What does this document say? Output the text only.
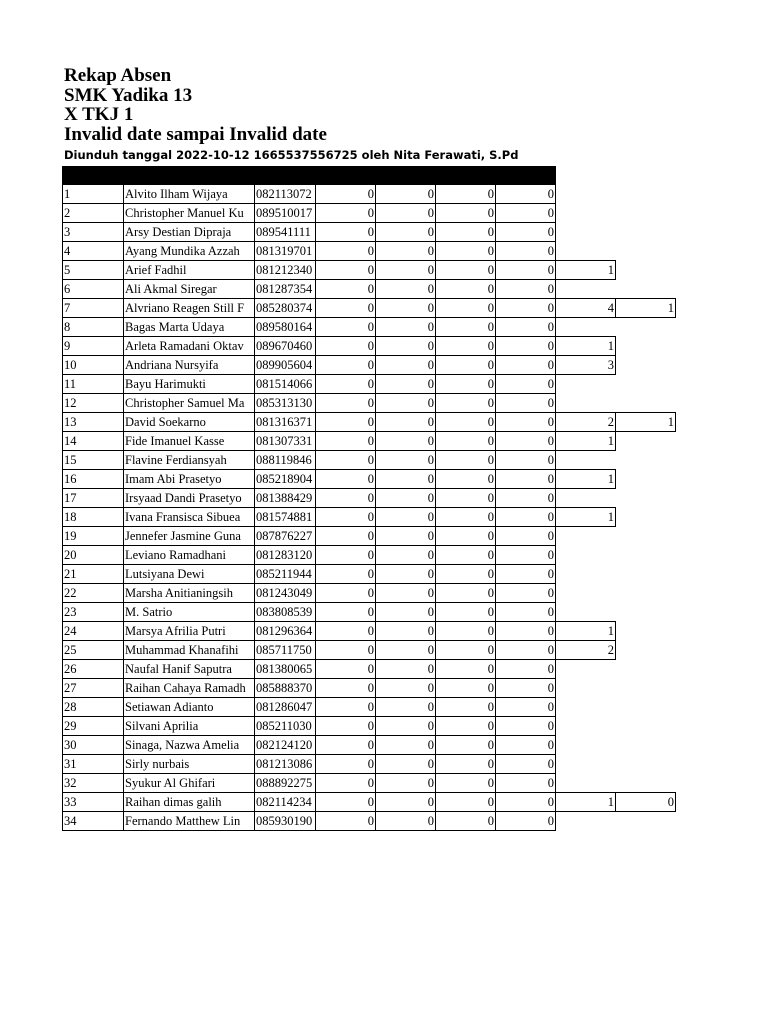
Rekap Absen
SMK Yadika 13
X TKJ 1
Invalid date sampai Invalid date
Diunduh tanggal 2022-10-12 1665537556725 oleh Nita Ferawati, S.Pd
1	Alvito Ilham Wijaya	082113072	0	0	0	0		
2	Christopher Manuel Ku	089510017	0	0	0	0		
3	Arsy Destian Dipraja	089541111	0	0	0	0		
4	Ayang Mundika Azzah	081319701	0	0	0	0		
5	Arief Fadhil	081212340	0	0	0	0	1	
6	Ali Akmal Siregar	081287354	0	0	0	0		
7	Alvriano Reagen Still F	085280374	0	0	0	0	4	1
8	Bagas Marta Udaya	089580164	0	0	0	0		
9	Arleta Ramadani Oktav	089670460	0	0	0	0	1	
10	Andriana Nursyifa	089905604	0	0	0	0	3	
11	Bayu Harimukti	081514066	0	0	0	0		
12	Christopher Samuel Ma	085313130	0	0	0	0		
13	David Soekarno	081316371	0	0	0	0	2	1
14	Fide Imanuel Kasse	081307331	0	0	0	0	1	
15	Flavine Ferdiansyah	088119846	0	0	0	0		
16	Imam Abi Prasetyo	085218904	0	0	0	0	1	
17	Irsyaad Dandi Prasetyo	081388429	0	0	0	0		
18	Ivana Fransisca Sibuea	081574881	0	0	0	0	1	
19	Jennefer Jasmine Guna	087876227	0	0	0	0		
20	Leviano Ramadhani	081283120	0	0	0	0		
21	Lutsiyana Dewi	085211944	0	0	0	0		
22	Marsha Anitianingsih	081243049	0	0	0	0		
23	M. Satrio	083808539	0	0	0	0		
24	Marsya Afrilia Putri	081296364	0	0	0	0	1	
25	Muhammad Khanafihi	085711750	0	0	0	0	2	
26	Naufal Hanif Saputra	081380065	0	0	0	0		
27	Raihan Cahaya Ramadh	085888370	0	0	0	0		
28	Setiawan Adianto	081286047	0	0	0	0		
29	Silvani Aprilia	085211030	0	0	0	0		
30	Sinaga, Nazwa Amelia	082124120	0	0	0	0		
31	Sirly nurbais	081213086	0	0	0	0		
32	Syukur Al Ghifari	088892275	0	0	0	0		
33	Raihan dimas galih	082114234	0	0	0	0	1	0
34	Fernando Matthew Lin	085930190	0	0	0	0		
